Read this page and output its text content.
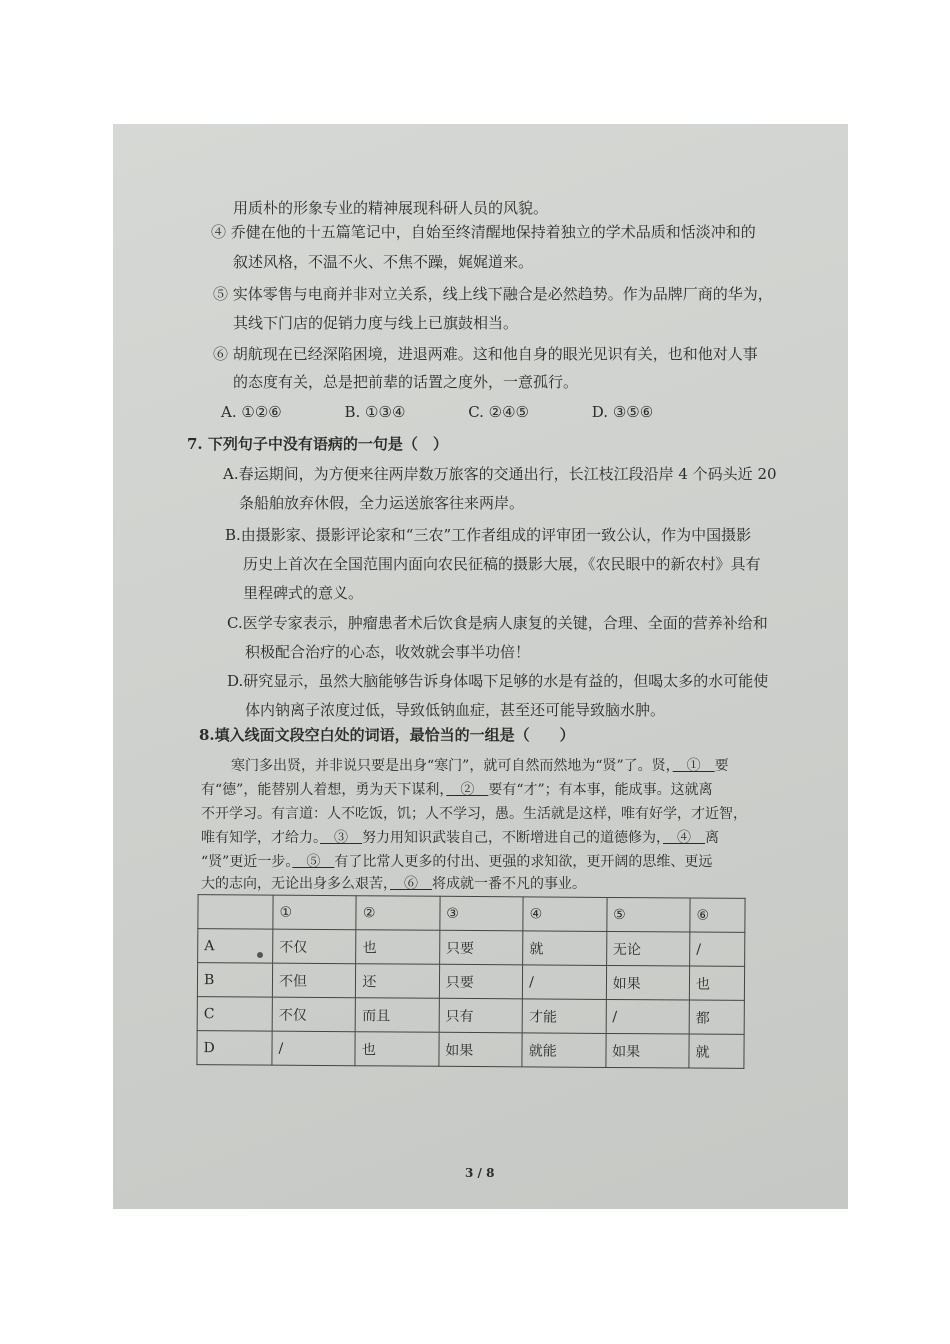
用质朴的形象专业的精神展现科研人员的风貌。
④ 乔健在他的十五篇笔记中，自始至终清醒地保持着独立的学术品质和恬淡冲和的
叙述风格，不温不火、不焦不躁，娓娓道来。
⑤ 实体零售与电商并非对立关系，线上线下融合是必然趋势。作为品牌厂商的华为，
其线下门店的促销力度与线上已旗鼓相当。
⑥ 胡航现在已经深陷困境，进退两难。这和他自身的眼光见识有关，也和他对人事
的态度有关，总是把前辈的话置之度外，一意孤行。
A. ①②⑥	B. ①③④	C. ②④⑤	D. ③⑤⑥
7. 下列句子中没有语病的一句是（　）
A.春运期间，为方便来往两岸数万旅客的交通出行，长江枝江段沿岸 4 个码头近 20
条船舶放弃休假，全力运送旅客往来两岸。
B.由摄影家、摄影评论家和“三农”工作者组成的评审团一致公认，作为中国摄影
历史上首次在全国范围内面向农民征稿的摄影大展，《农民眼中的新农村》具有
里程碑式的意义。
C.医学专家表示，肿瘤患者术后饮食是病人康复的关键，合理、全面的营养补给和
积极配合治疗的心态，收效就会事半功倍！
D.研究显示，虽然大脑能够告诉身体喝下足够的水是有益的，但喝太多的水可能使
体内钠离子浓度过低，导致低钠血症，甚至还可能导致脑水肿。
8.填入线面文段空白处的词语，最恰当的一组是（　　）
寒门多出贤，并非说只要是出身“寒门”，就可自然而然地为“贤”了。贤，　①　要
有“德”，能替别人着想，勇为天下谋利，　②　要有“才”；有本事，能成事。这就离
不开学习。有言道：人不吃饭，饥；人不学习，愚。生活就是这样，唯有好学，才近智，
唯有知学，才给力。　③　努力用知识武装自己，不断增进自己的道德修为，　④　离
“贤”更近一步。　⑤　有了比常人更多的付出、更强的求知欲，更开阔的思维、更远
大的志向，无论出身多么艰苦，　⑥　将成就一番不凡的事业。
	①	②	③	④	⑤	⑥
A	不仅	也	只要	就	无论	/
B	不但	还	只要	/	如果	也
C	不仅	而且	只有	才能	/	都
D	/	也	如果	就能	如果	就
3 / 8
